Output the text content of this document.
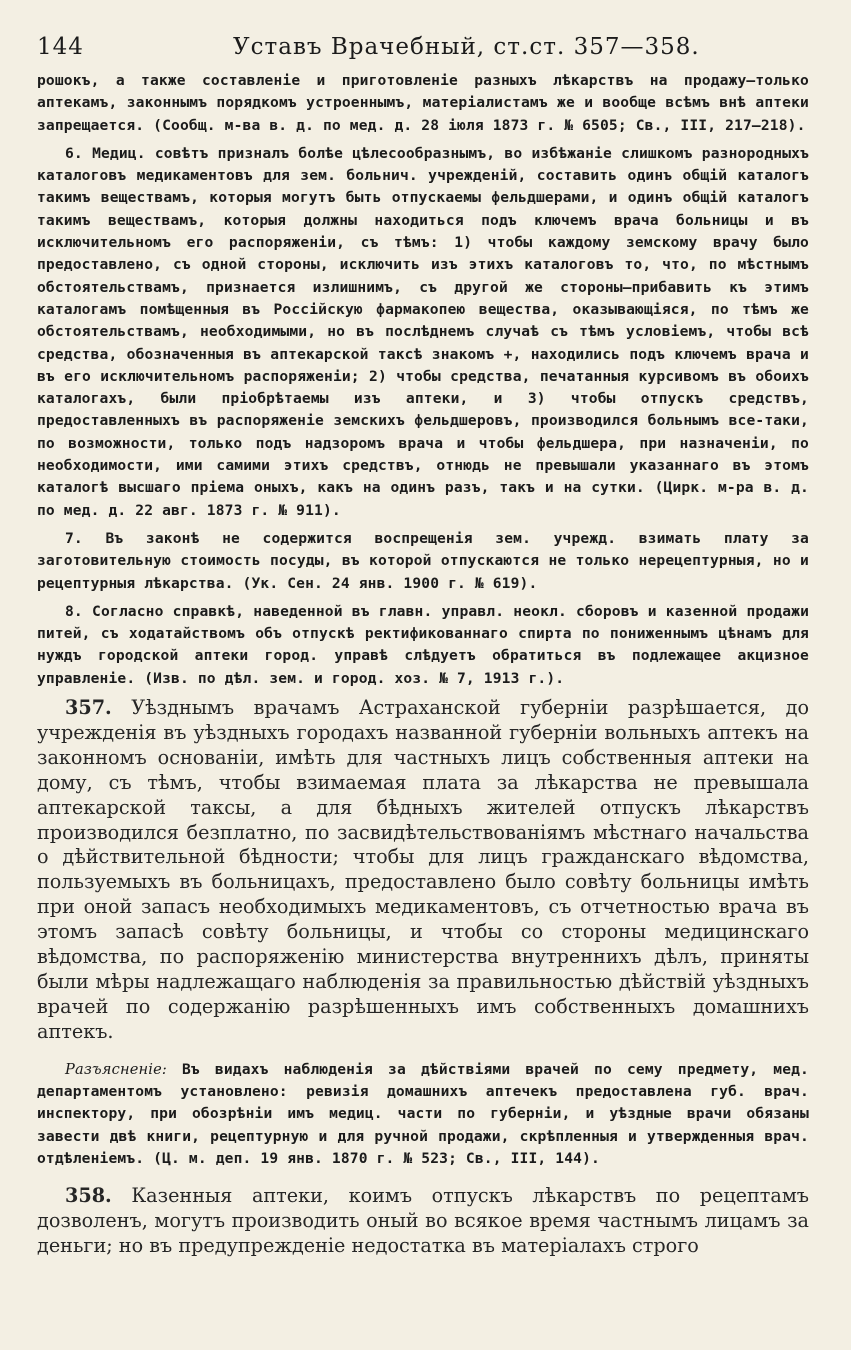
144	Уставъ Врачебный, ст.ст. 357—358.

рошокъ, а также составленіе и приготовленіе разныхъ лѣкарствъ на продажу—только аптекамъ, законнымъ порядкомъ устроеннымъ, матеріалистамъ же и вообще всѣмъ внѣ аптеки запрещается. (Сообщ. м-ва в. д. по мед. д. 28 іюля 1873 г. № 6505; Св., III, 217—218).

6. Медиц. совѣтъ призналъ болѣе цѣлесообразнымъ, во избѣжаніе слишкомъ разнородныхъ каталоговъ медикаментовъ для зем. больнич. учрежденій, составить одинъ общій каталогъ такимъ веществамъ, которыя могутъ быть отпускаемы фельдшерами, и одинъ общій каталогъ такимъ веществамъ, которыя должны находиться подъ ключемъ врача больницы и въ исключительномъ его распоряженіи, съ тѣмъ: 1) чтобы каждому земскому врачу было предоставлено, съ одной стороны, исключить изъ этихъ каталоговъ то, что, по мѣстнымъ обстоятельствамъ, признается излишнимъ, съ другой же стороны—прибавить къ этимъ каталогамъ помѣщенныя въ Россійскую фармакопею вещества, оказывающіяся, по тѣмъ же обстоятельствамъ, необходимыми, но въ послѣднемъ случаѣ съ тѣмъ условіемъ, чтобы всѣ средства, обозначенныя въ аптекарской таксѣ знакомъ +, находились подъ ключемъ врача и въ его исключительномъ распоряженіи; 2) чтобы средства, печатанныя курсивомъ въ обоихъ каталогахъ, были пріобрѣтаемы изъ аптеки, и 3) чтобы отпускъ средствъ, предоставленныхъ въ распоряженіе земскихъ фельдшеровъ, производился больнымъ все-таки, по возможности, только подъ надзоромъ врача и чтобы фельдшера, при назначеніи, по необходимости, ими самими этихъ средствъ, отнюдь не превышали указаннаго въ этомъ каталогѣ высшаго пріема оныхъ, какъ на одинъ разъ, такъ и на сутки. (Цирк. м-ра в. д. по мед. д. 22 авг. 1873 г. № 911).

7. Въ законѣ не содержится воспрещенія зем. учрежд. взимать плату за заготовительную стоимость посуды, въ которой отпускаются не только нерецептурныя, но и рецептурныя лѣкарства. (Ук. Сен. 24 янв. 1900 г. № 619).

8. Согласно справкѣ, наведенной въ главн. управл. неокл. сборовъ и казенной продажи питей, съ ходатайствомъ объ отпускѣ ректификованнаго спирта по пониженнымъ цѣнамъ для нуждъ городской аптеки город. управѣ слѣдуетъ обратиться въ подлежащее акцизное управленіе. (Изв. по дѣл. зем. и город. хоз. № 7, 1913 г.).

357. Уѣзднымъ врачамъ Астраханской губерніи разрѣшается, до учрежденія въ уѣздныхъ городахъ названной губерніи вольныхъ аптекъ на законномъ основаніи, имѣть для частныхъ лицъ собственныя аптеки на дому, съ тѣмъ, чтобы взимаемая плата за лѣкарства не превышала аптекарской таксы, а для бѣдныхъ жителей отпускъ лѣкарствъ производился безплатно, по засвидѣтельствованіямъ мѣстнаго начальства о дѣйствительной бѣдности; чтобы для лицъ гражданскаго вѣдомства, пользуемыхъ въ больницахъ, предоставлено было совѣту больницы имѣть при оной запасъ необходимыхъ медикаментовъ, съ отчетностью врача въ этомъ запасѣ совѣту больницы, и чтобы со стороны медицинскаго вѣдомства, по распоряженію министерства внутреннихъ дѣлъ, приняты были мѣры надлежащаго наблюденія за правильностью дѣйствій уѣздныхъ врачей по содержанію разрѣшенныхъ имъ собственныхъ домашнихъ аптекъ.

Разъясненіе: Въ видахъ наблюденія за дѣйствіями врачей по сему предмету, мед. департаментомъ установлено: ревизія домашнихъ аптечекъ предоставлена губ. врач. инспектору, при обозрѣніи имъ медиц. части по губерніи, и уѣздные врачи обязаны завести двѣ книги, рецептурную и для ручной продажи, скрѣпленныя и утвержденныя врач. отдѣленіемъ. (Ц. м. деп. 19 янв. 1870 г. № 523; Св., III, 144).

358. Казенныя аптеки, коимъ отпускъ лѣкарствъ по рецептамъ дозволенъ, могутъ производить оный во всякое время частнымъ лицамъ за деньги; но въ предупрежденіе недостатка въ матеріалахъ строго
